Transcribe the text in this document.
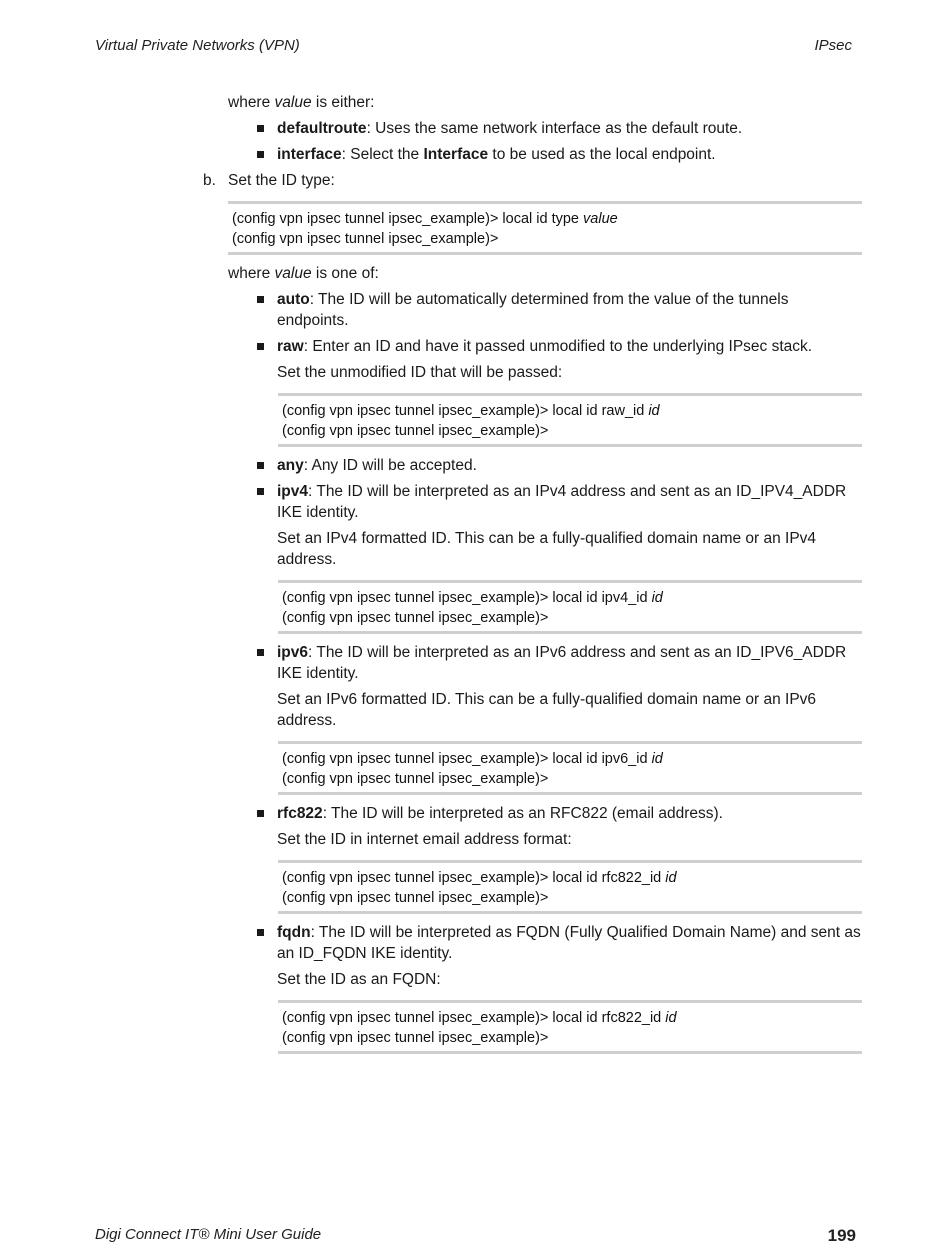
Virtual Private Networks (VPN)	IPsec
where value is either:
defaultroute: Uses the same network interface as the default route.
interface: Select the Interface to be used as the local endpoint.
b. Set the ID type:
(config vpn ipsec tunnel ipsec_example)> local id type value
(config vpn ipsec tunnel ipsec_example)>
where value is one of:
auto: The ID will be automatically determined from the value of the tunnels
endpoints.
raw: Enter an ID and have it passed unmodified to the underlying IPsec stack.
Set the unmodified ID that will be passed:
(config vpn ipsec tunnel ipsec_example)> local id raw_id id
(config vpn ipsec tunnel ipsec_example)>
any: Any ID will be accepted.
ipv4: The ID will be interpreted as an IPv4 address and sent as an ID_IPV4_ADDR
IKE identity.
Set an IPv4 formatted ID. This can be a fully-qualified domain name or an IPv4
address.
(config vpn ipsec tunnel ipsec_example)> local id ipv4_id id
(config vpn ipsec tunnel ipsec_example)>
ipv6: The ID will be interpreted as an IPv6 address and sent as an ID_IPV6_ADDR
IKE identity.
Set an IPv6 formatted ID. This can be a fully-qualified domain name or an IPv6
address.
(config vpn ipsec tunnel ipsec_example)> local id ipv6_id id
(config vpn ipsec tunnel ipsec_example)>
rfc822: The ID will be interpreted as an RFC822 (email address).
Set the ID in internet email address format:
(config vpn ipsec tunnel ipsec_example)> local id rfc822_id id
(config vpn ipsec tunnel ipsec_example)>
fqdn: The ID will be interpreted as FQDN (Fully Qualified Domain Name) and sent as
an ID_FQDN IKE identity.
Set the ID as an FQDN:
(config vpn ipsec tunnel ipsec_example)> local id rfc822_id id
(config vpn ipsec tunnel ipsec_example)>
Digi Connect IT® Mini User Guide	199
